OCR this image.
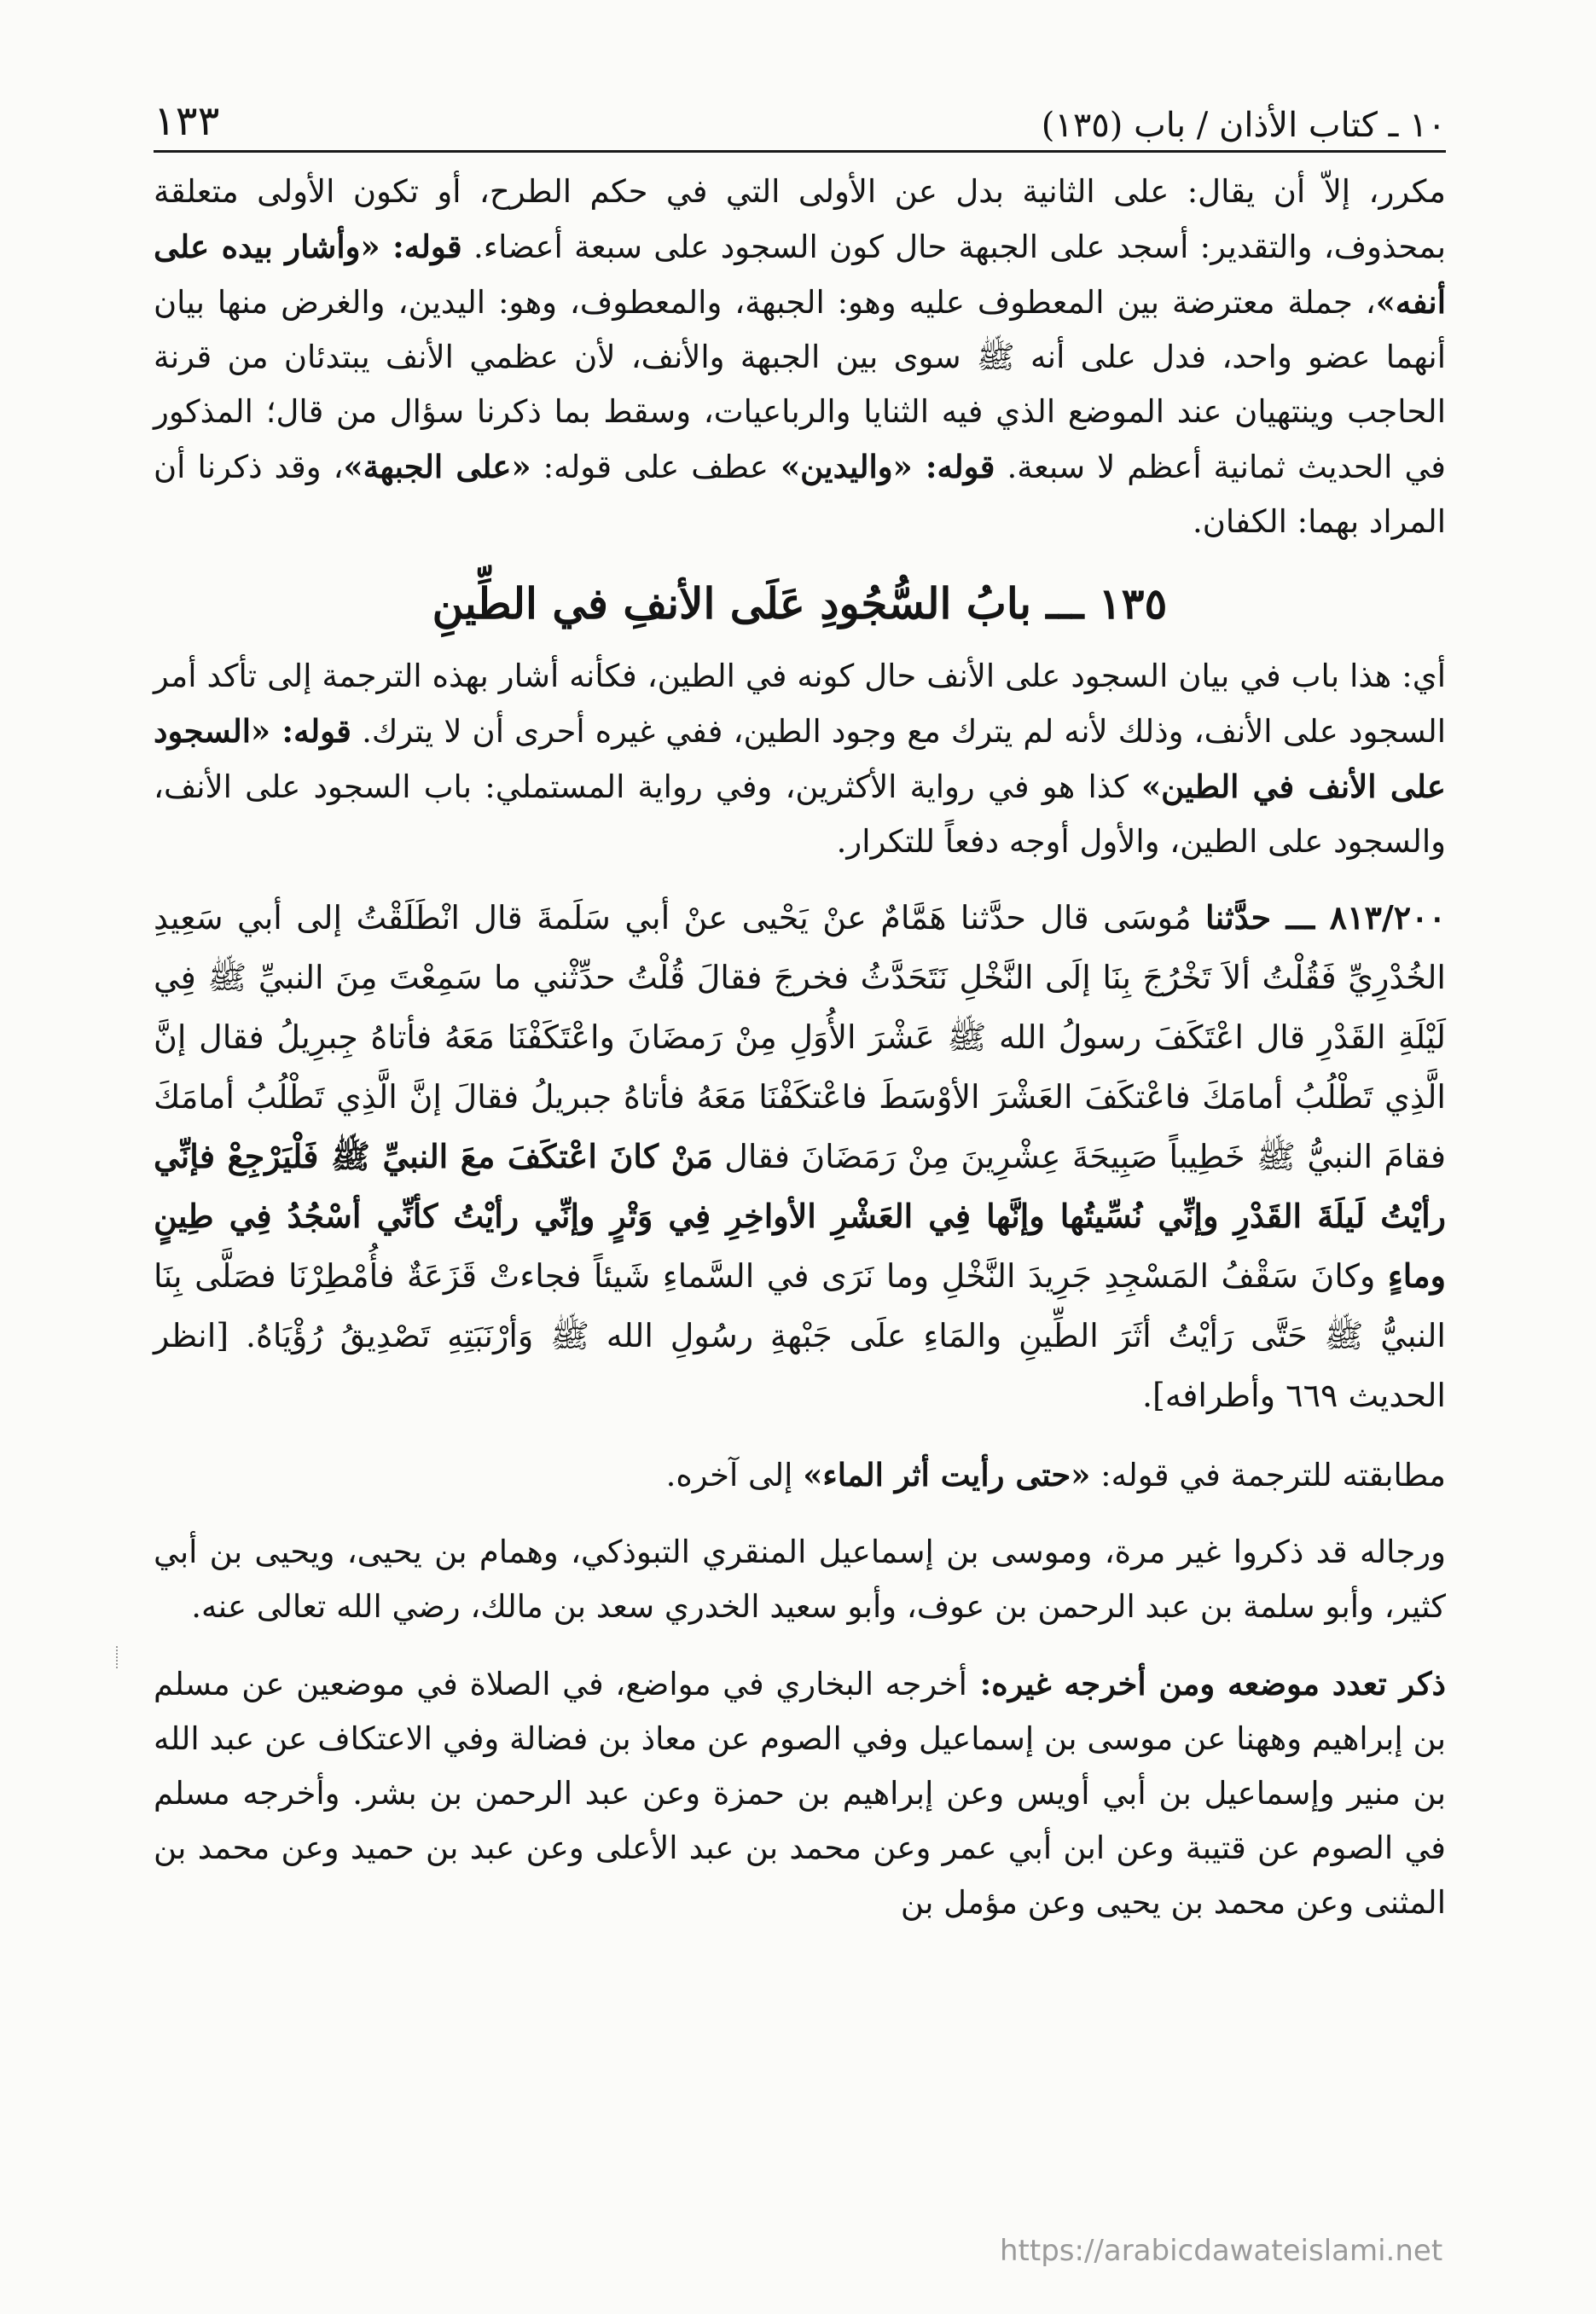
١٠ ـ كتاب الأذان / باب (١٣٥)
١٣٣

مكرر، إلاّ أن يقال: على الثانية بدل عن الأولى التي في حكم الطرح، أو تكون الأولى متعلقة بمحذوف، والتقدير: أسجد على الجبهة حال كون السجود على سبعة أعضاء. قوله: «وأشار بيده على أنفه»، جملة معترضة بين المعطوف عليه وهو: الجبهة، والمعطوف، وهو: اليدين، والغرض منها بيان أنهما عضو واحد، فدل على أنه ﷺ سوى بين الجبهة والأنف، لأن عظمي الأنف يبتدئان من قرنة الحاجب وينتهيان عند الموضع الذي فيه الثنايا والرباعيات، وسقط بما ذكرنا سؤال من قال؛ المذكور في الحديث ثمانية أعظم لا سبعة. قوله: «واليدين» عطف على قوله: «على الجبهة»، وقد ذكرنا أن المراد بهما: الكفان.

١٣٥ ـــ بابُ السُّجُودِ عَلَى الأنفِ في الطِّينِ

أي: هذا باب في بيان السجود على الأنف حال كونه في الطين، فكأنه أشار بهذه الترجمة إلى تأكد أمر السجود على الأنف، وذلك لأنه لم يترك مع وجود الطين، ففي غيره أحرى أن لا يترك. قوله: «السجود على الأنف في الطين» كذا هو في رواية الأكثرين، وفي رواية المستملي: باب السجود على الأنف، والسجود على الطين، والأول أوجه دفعاً للتكرار.

٨١٣/٢٠٠ ـــ حدَّثنا مُوسَى قال حدَّثنا هَمَّامٌ عنْ يَحْيى عنْ أبي سَلَمةَ قال انْطَلَقْتُ إلى أبي سَعِيدِ الخُدْرِيِّ فَقُلْتُ ألاَ تَخْرُجَ بِنَا إلَى النَّخْلِ نَتَحَدَّثُ فخرجَ فقالَ قُلْتُ حدِّثْني ما سَمِعْتَ مِنَ النبيِّ ﷺ فِي لَيْلَةِ القَدْرِ قال اعْتَكَفَ رسولُ الله ﷺ عَشْرَ الأُوَلِ مِنْ رَمضَانَ واعْتَكَفْنَا مَعَهُ فأتاهُ جِبرِيلُ فقال إنَّ الَّذِي تَطْلُبُ أمامَكَ فاعْتكَفَ العَشْرَ الأوْسَطَ فاعْتكَفْنَا مَعَهُ فأتاهُ جبريلُ فقالَ إنَّ الَّذِي تَطْلُبُ أمامَكَ فقامَ النبيُّ ﷺ خَطِيباً صَبِيحَةَ عِشْرِينَ مِنْ رَمَضَانَ فقال مَنْ كانَ اعْتكَفَ معَ النبيِّ ﷺ فَلْيَرْجِعْ فإنِّي رأيْتُ لَيلَةَ القَدْرِ وإنِّي نُسِّيتُها وإنَّها فِي العَشْرِ الأواخِرِ فِي وَتْرٍ وإنِّي رأيْتُ كأنِّي أسْجُدُ فِي طِينٍ وماءٍ وكانَ سَقْفُ المَسْجِدِ جَرِيدَ النَّخْلِ وما نَرَى في السَّماءِ شَيئاً فجاءتْ قَزَعَةٌ فأُمْطِرْنَا فصَلَّى بِنَا النبيُّ ﷺ حَتَّى رَأيْتُ أثَرَ الطِّينِ والمَاءِ علَى جَبْهةِ رسُولِ الله ﷺ وَأرْنَبَتِهِ تَصْدِيقُ رُؤْيَاهُ. [انظر الحديث ٦٦٩ وأطرافه].

مطابقته للترجمة في قوله: «حتى رأيت أثر الماء» إلى آخره.

ورجاله قد ذكروا غير مرة، وموسى بن إسماعيل المنقري التبوذكي، وهمام بن يحيى، ويحيى بن أبي كثير، وأبو سلمة بن عبد الرحمن بن عوف، وأبو سعيد الخدري سعد بن مالك، رضي الله تعالى عنه.

ذكر تعدد موضعه ومن أخرجه غيره: أخرجه البخاري في مواضع، في الصلاة في موضعين عن مسلم بن إبراهيم وههنا عن موسى بن إسماعيل وفي الصوم عن معاذ بن فضالة وفي الاعتكاف عن عبد الله بن منير وإسماعيل بن أبي أويس وعن إبراهيم بن حمزة وعن عبد الرحمن بن بشر. وأخرجه مسلم في الصوم عن قتيبة وعن ابن أبي عمر وعن محمد بن عبد الأعلى وعن عبد بن حميد وعن محمد بن المثنى وعن محمد بن يحيى وعن مؤمل بن

https://arabicdawateislami.net
